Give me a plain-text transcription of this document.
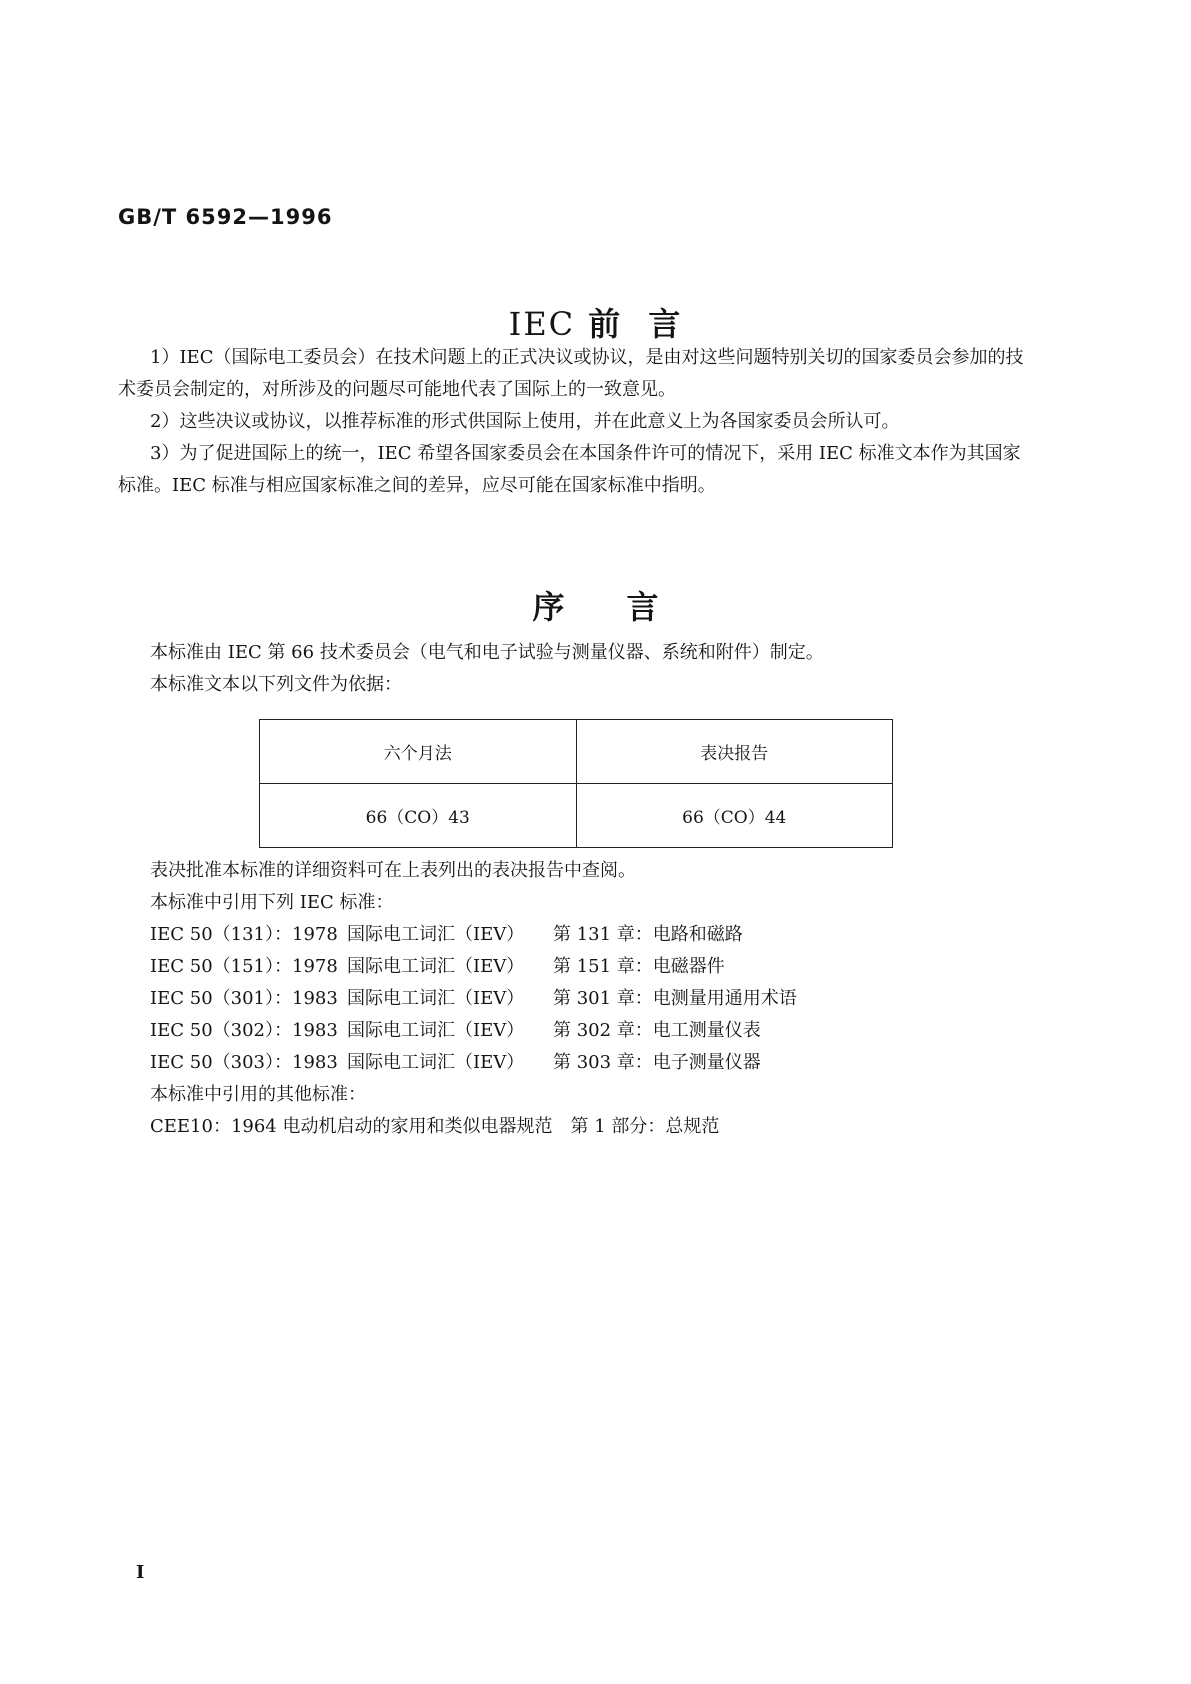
GB/T 6592—1996
IEC 前 言
1）IEC（国际电工委员会）在技术问题上的正式决议或协议，是由对这些问题特别关切的国家委员会参加的技术委员会制定的，对所涉及的问题尽可能地代表了国际上的一致意见。
2）这些决议或协议，以推荐标准的形式供国际上使用，并在此意义上为各国家委员会所认可。
3）为了促进国际上的统一，IEC 希望各国家委员会在本国条件许可的情况下，采用 IEC 标准文本作为其国家标准。IEC 标准与相应国家标准之间的差异，应尽可能在国家标准中指明。
序 言
本标准由 IEC 第 66 技术委员会（电气和电子试验与测量仪器、系统和附件）制定。
本标准文本以下列文件为依据：
六个月法	表决报告
66（CO）43	66（CO）44
表决批准本标准的详细资料可在上表列出的表决报告中查阅。
本标准中引用下列 IEC 标准：
IEC 50（131）：1978 国际电工词汇（IEV） 第 131 章：电路和磁路
IEC 50（151）：1978 国际电工词汇（IEV） 第 151 章：电磁器件
IEC 50（301）：1983 国际电工词汇（IEV） 第 301 章：电测量用通用术语
IEC 50（302）：1983 国际电工词汇（IEV） 第 302 章：电工测量仪表
IEC 50（303）：1983 国际电工词汇（IEV） 第 303 章：电子测量仪器
本标准中引用的其他标准：
CEE10：1964 电动机启动的家用和类似电器规范　第 1 部分：总规范
I
